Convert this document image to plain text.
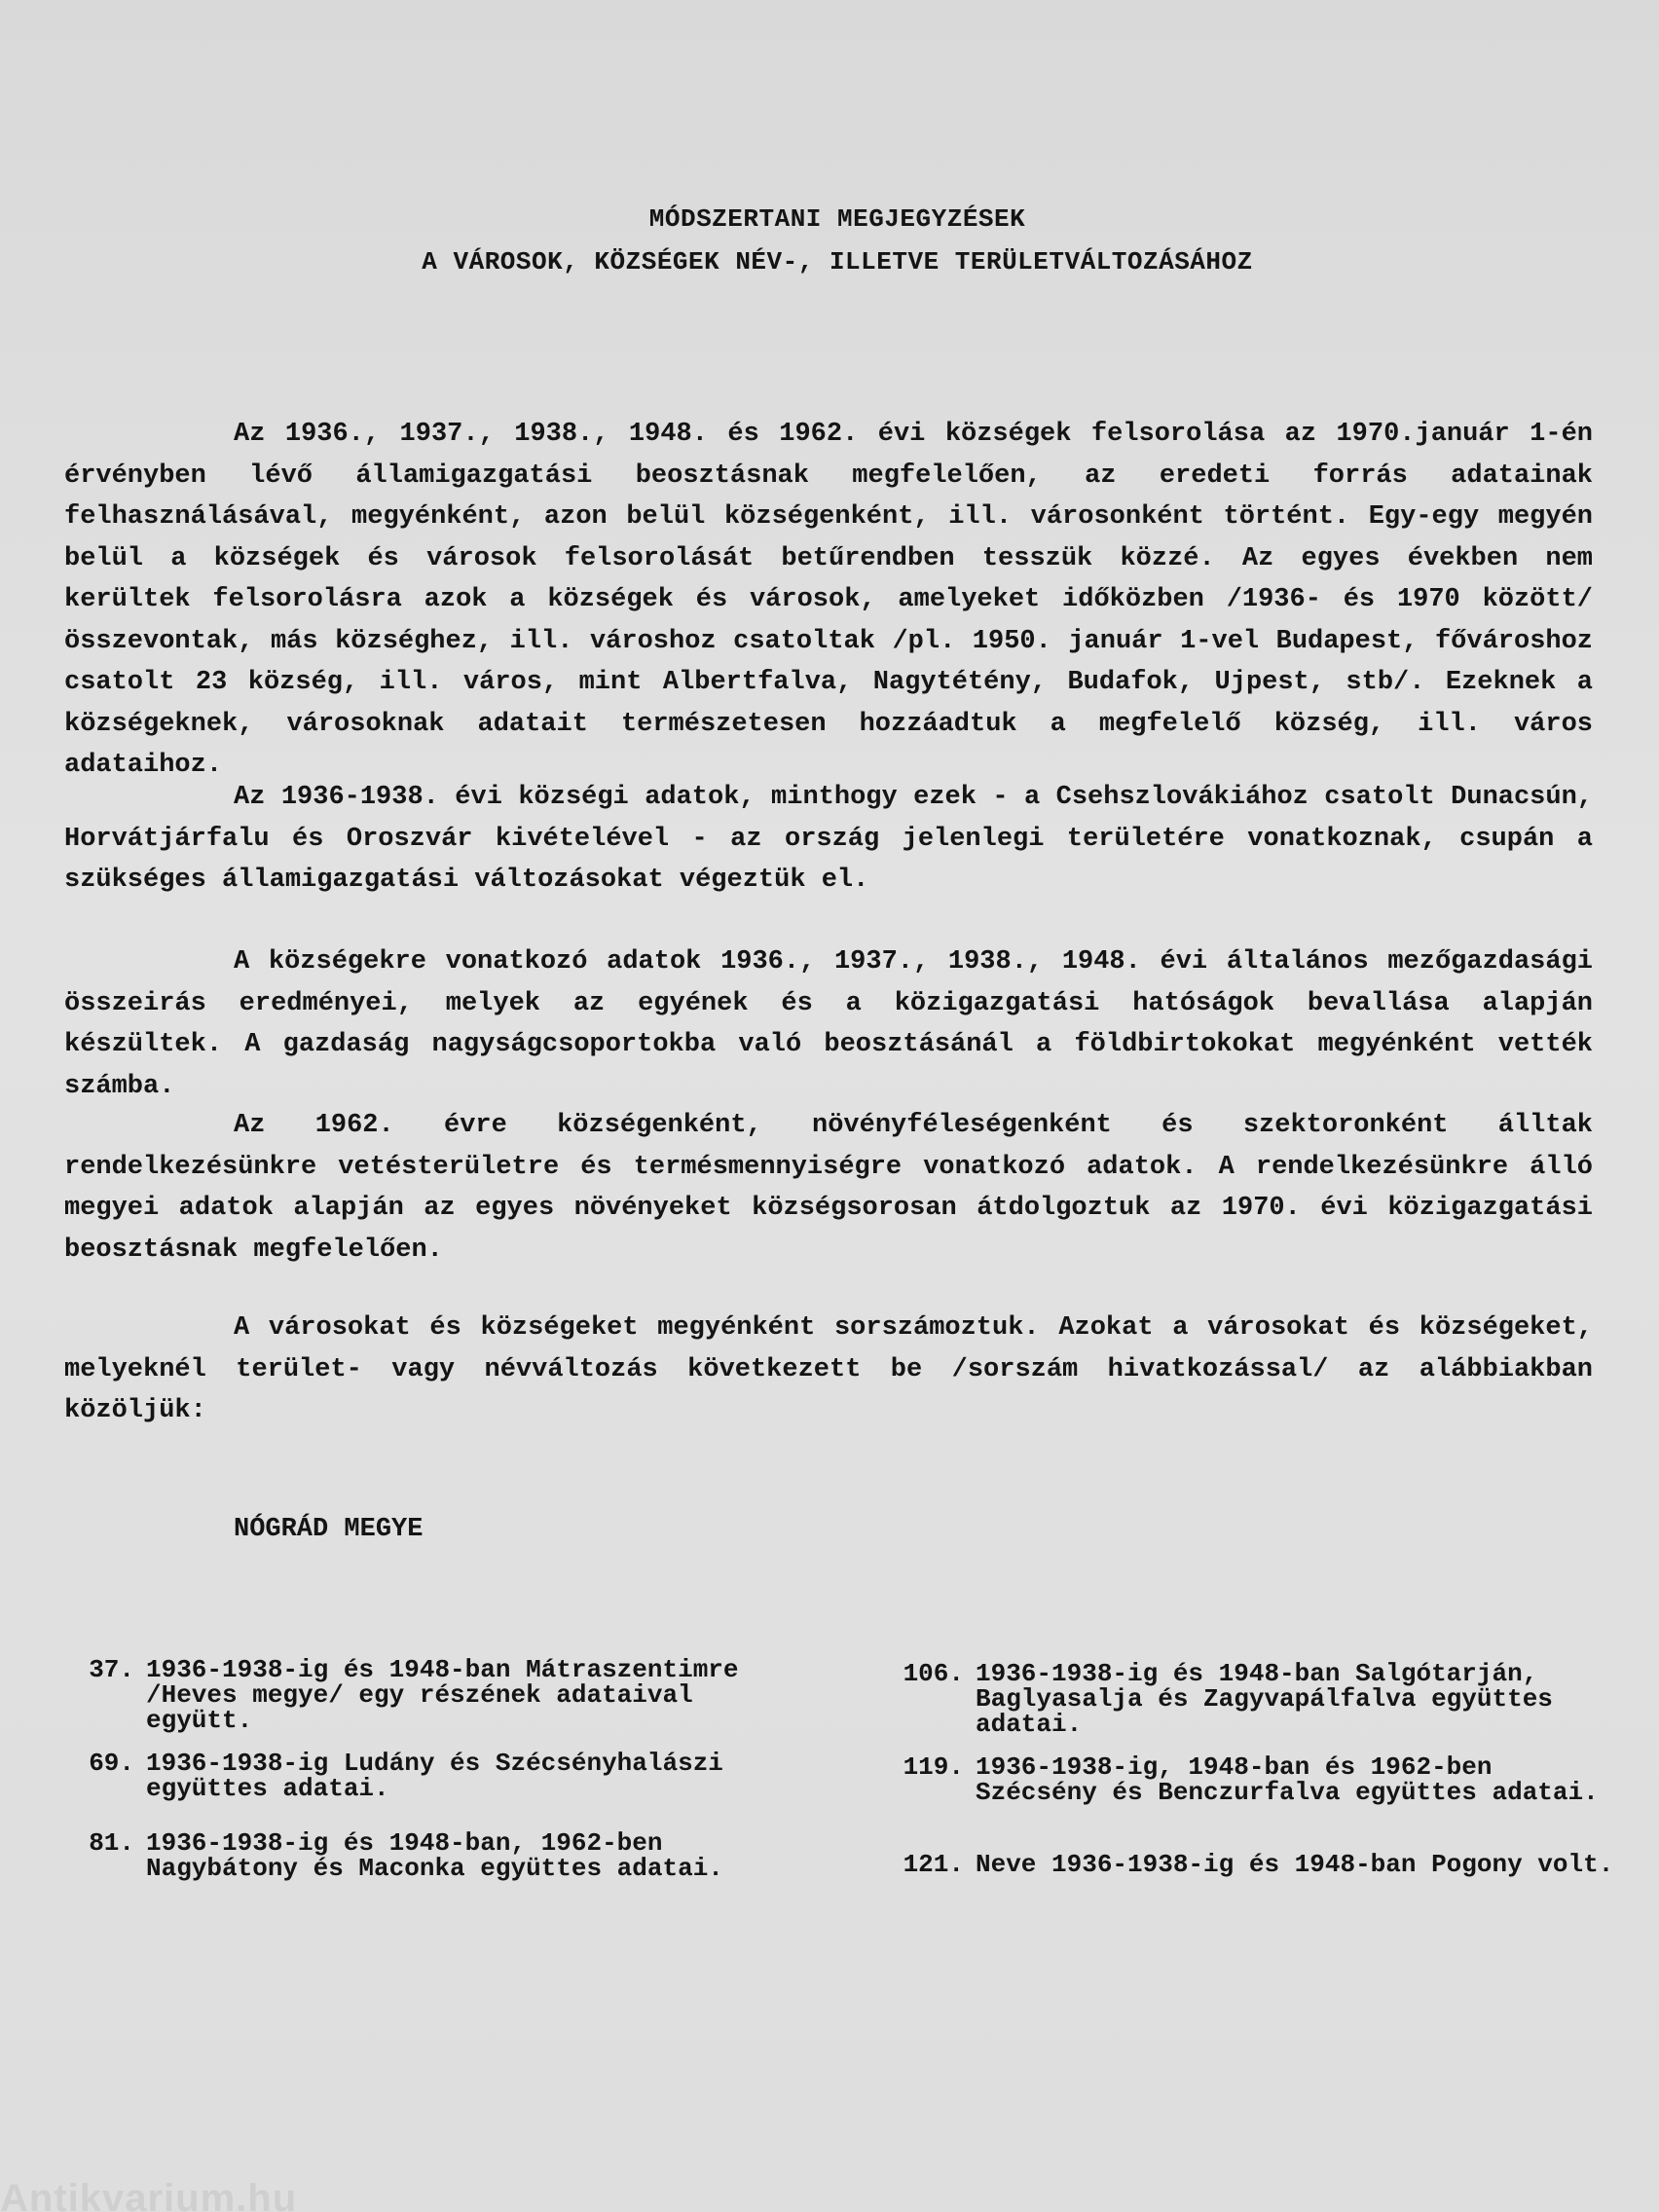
MÓDSZERTANI MEGJEGYZÉSEK
A VÁROSOK, KÖZSÉGEK NÉV-, ILLETVE TERÜLETVÁLTOZÁSÁHOZ

Az 1936., 1937., 1938., 1948. és 1962. évi községek felsorolása az 1970.január 1-én érvényben lévő államigazgatási beosztásnak megfelelően, az eredeti forrás adatainak felhasználásával, megyénként, azon belül községenként, ill. városonként történt. Egy-egy megyén belül a községek és városok felsorolását betűrendben tesszük közzé. Az egyes években nem kerültek felsorolásra azok a községek és városok, amelyeket időközben /1936- és 1970 között/ összevontak, más községhez, ill. városhoz csatoltak /pl. 1950. január 1-vel Budapest, fővároshoz csatolt 23 község, ill. város, mint Albertfalva, Nagytétény, Budafok, Ujpest, stb/. Ezeknek a községeknek, városoknak adatait természetesen hozzáadtuk a megfelelő község, ill. város adataihoz.

Az 1936-1938. évi községi adatok, minthogy ezek - a Csehszlovákiához csatolt Dunacsún, Horvátjárfalu és Oroszvár kivételével - az ország jelenlegi területére vonatkoznak, csupán a szükséges államigazgatási változásokat végeztük el.

A községekre vonatkozó adatok 1936., 1937., 1938., 1948. évi általános mezőgazdasági összeirás eredményei, melyek az egyének és a közigazgatási hatóságok bevallása alapján készültek. A gazdaság nagyságcsoportokba való beosztásánál a földbirtokokat megyénként vették számba.

Az 1962. évre községenként, növényféleségenként és szektoronként álltak rendelkezésünkre vetésterületre és termésmennyiségre vonatkozó adatok. A rendelkezésünkre álló megyei adatok alapján az egyes növényeket községsorosan átdolgoztuk az 1970. évi közigazgatási beosztásnak megfelelően.

A városokat és községeket megyénként sorszámoztuk. Azokat a városokat és községeket, melyeknél terület- vagy névváltozás következett be /sorszám hivatkozással/ az alábbiakban közöljük:

NÓGRÁD MEGYE
37. 1936-1938-ig és 1948-ban Mátraszentimre /Heves megye/ egy részének adataival együtt.
69. 1936-1938-ig Ludány és Szécsényhalászi együttes adatai.
81. 1936-1938-ig és 1948-ban, 1962-ben Nagybátony és Maconka együttes adatai.
106. 1936-1938-ig és 1948-ban Salgótarján, Baglyasalja és Zagyvapálfalva együttes adatai.
119. 1936-1938-ig, 1948-ban és 1962-ben Szécsény és Benczurfalva együttes adatai.
121. Neve 1936-1938-ig és 1948-ban Pogony volt.
Antikvarium.hu
